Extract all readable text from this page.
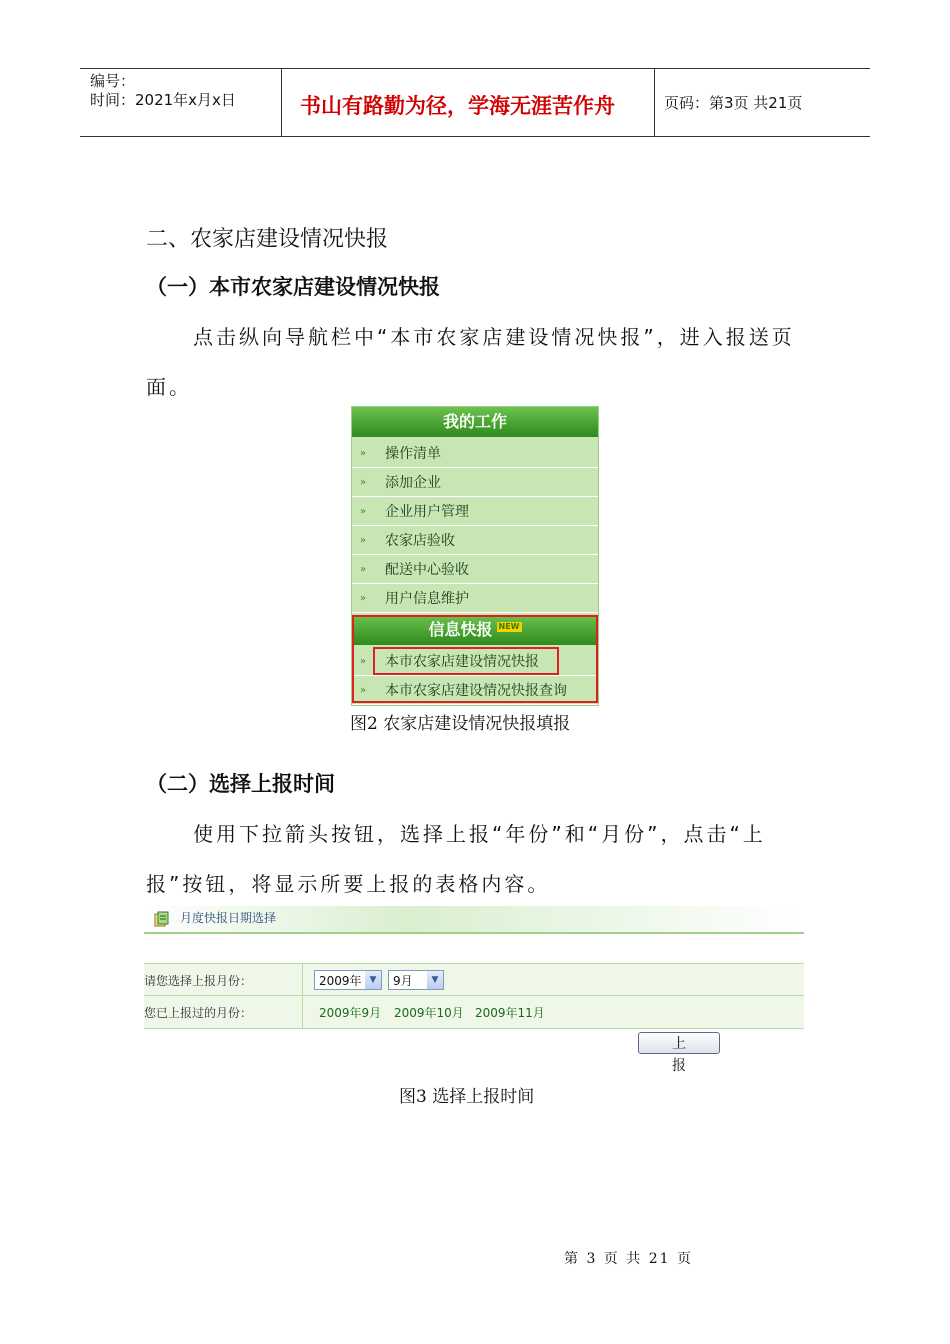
编号：
时间：2021年x月x日	书山有路勤为径，学海无涯苦作舟	页码：第3页 共21页
二、农家店建设情况快报
（一）本市农家店建设情况快报
点击纵向导航栏中“本市农家店建设情况快报”，进入报送页
面。
我的工作
» 操作清单
» 添加企业
» 企业用户管理
» 农家店验收
» 配送中心验收
» 用户信息维护
信息快报 NEW
» 本市农家店建设情况快报
» 本市农家店建设情况快报查询
图2 农家店建设情况快报填报
（二）选择上报时间
使用下拉箭头按钮，选择上报“年份”和“月份”，点击“上
报”按钮，将显示所要上报的表格内容。
月度快报日期选择
请您选择上报月份：	2009年 ▼	9月	▼
您已上报过的月份：	2009年9月 2009年10月 2009年11月
上报
图3 选择上报时间
第 3 页 共 21 页
